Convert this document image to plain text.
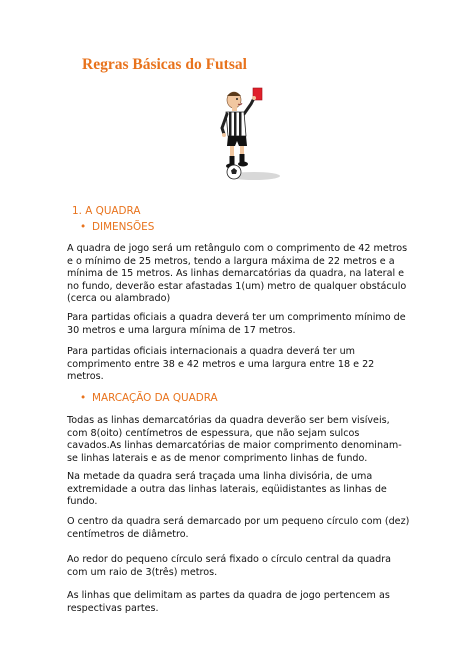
Regras Básicas do Futsal

1. A QUADRA

• DIMENSÕES

A quadra de jogo será um retângulo com o comprimento de 42 metros e o mínimo de 25 metros, tendo a largura máxima de 22 metros e a mínima de 15 metros. As linhas demarcatórias da quadra, na lateral e no fundo, deverão estar afastadas 1(um) metro de qualquer obstáculo (cerca ou alambrado)

Para partidas oficiais a quadra deverá ter um comprimento mínimo de 30 metros e uma largura mínima de 17 metros.

Para partidas oficiais internacionais a quadra deverá ter um comprimento entre 38 e 42 metros e uma largura entre 18 e 22 metros.

• MARCAÇÃO DA QUADRA

Todas as linhas demarcatórias da quadra deverão ser bem visíveis, com 8(oito) centímetros de espessura, que não sejam sulcos cavados.As linhas demarcatórias de maior comprimento denominam-se linhas laterais e as de menor comprimento linhas de fundo.

Na metade da quadra será traçada uma linha divisória, de uma extremidade a outra das linhas laterais, eqüidistantes as linhas de fundo.

O centro da quadra será demarcado por um pequeno círculo com (dez) centímetros de diâmetro.

Ao redor do pequeno círculo será fixado o círculo central da quadra com um raio de 3(três) metros.

As linhas que delimitam as partes da quadra de jogo pertencem as respectivas partes.
